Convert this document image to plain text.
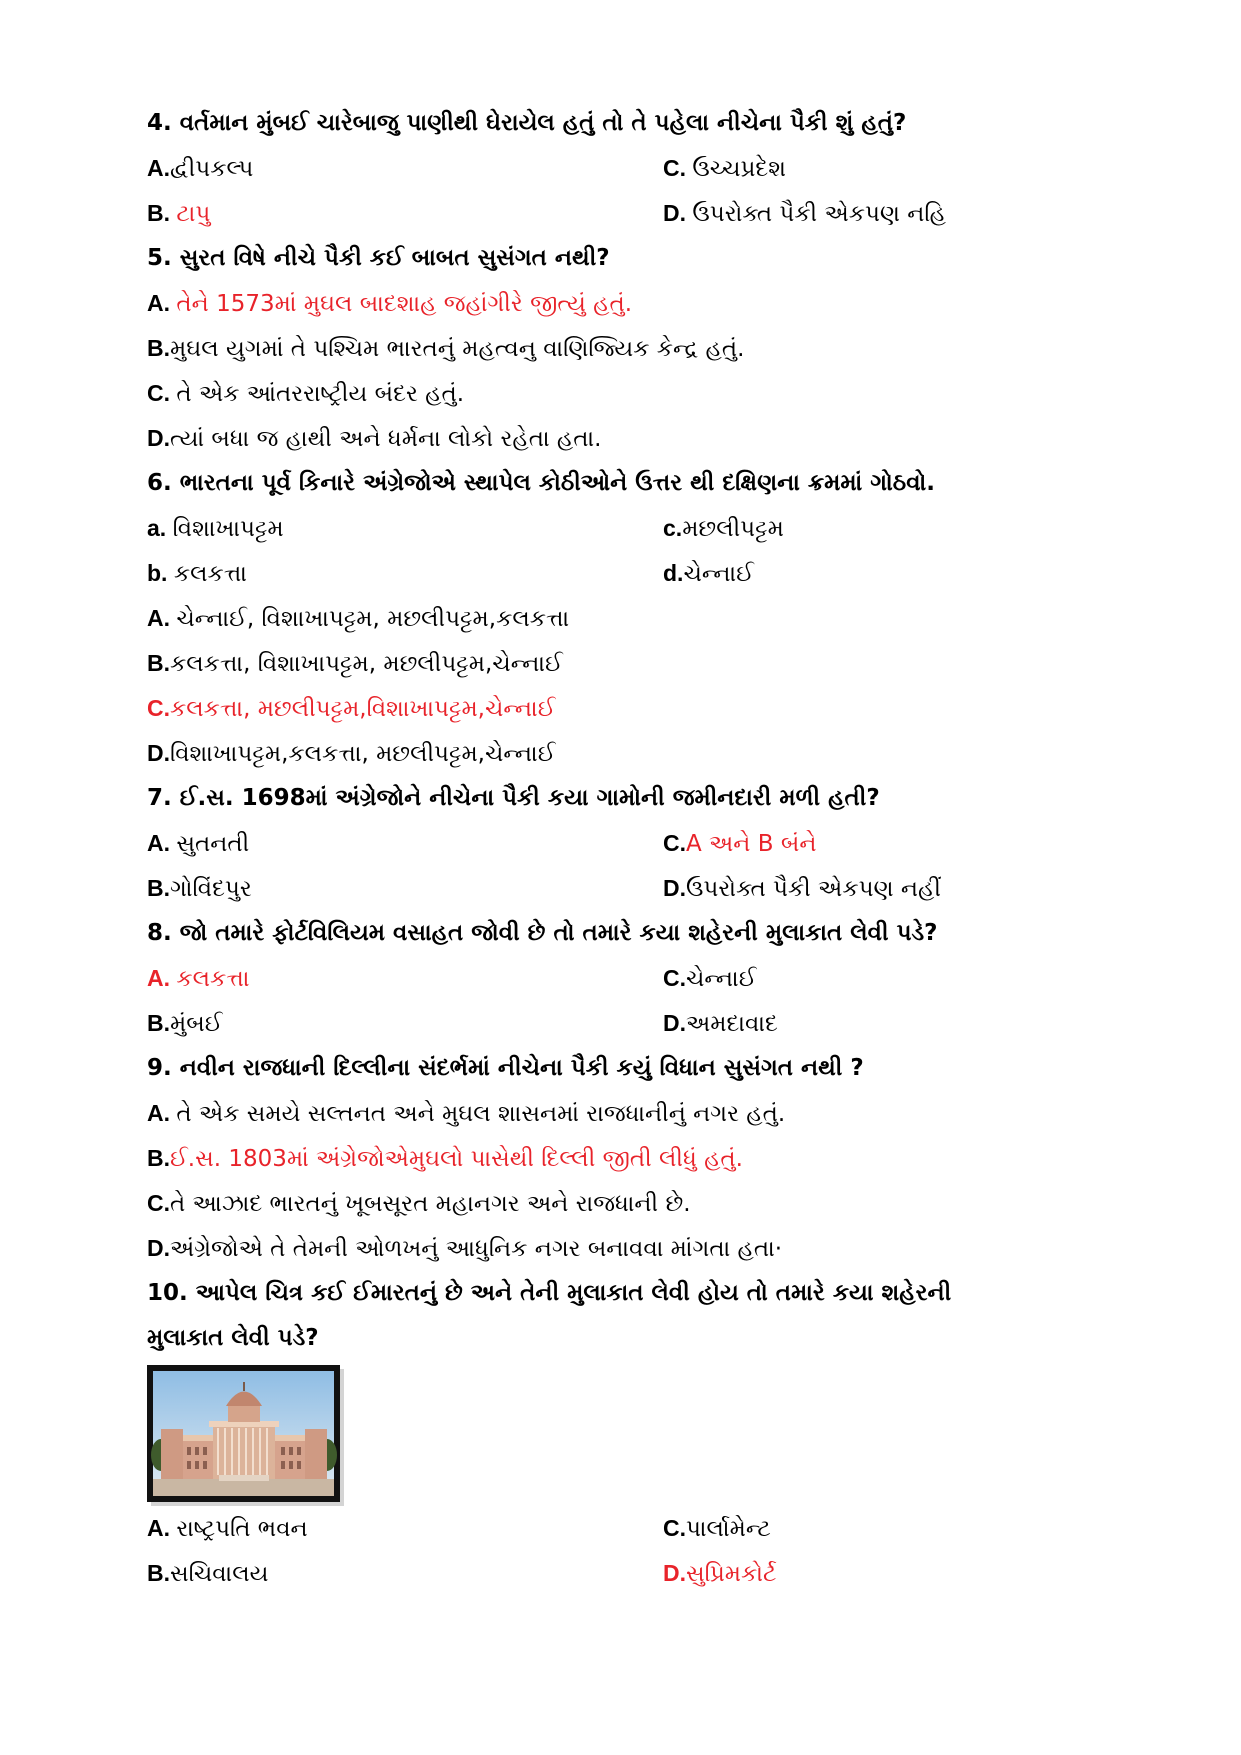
4. વર્તમાન મુંબઈ ચારેબાજુ પાણીથી ઘેરાયેલ હતું તો તે પહેલા નીચેના પૈકી શું હતું?
A.દ્વીપકલ્પ	C. ઉચ્ચપ્રદેશ
B. ટાપુ	D. ઉપરોક્ત પૈકી એકપણ નહિ
5. સુરત વિષે નીચે પૈકી કઈ બાબત સુસંગત નથી?
A. તેને 1573માં મુઘલ બાદશાહ જહાંગીરે જીત્યું હતું.
B.મુઘલ યુગમાં તે પશ્ચિમ ભારતનું મહત્વનુ વાણિજ્યિક કેન્દ્ર હતું.
C. તે એક આંતરરાષ્ટ્રીય બંદર હતું.
D.ત્યાં બધા જ હાથી અને ધર્મના લોકો રહેતા હતા.
6. ભારતના પૂર્વ કિનારે અંગ્રેજોએ સ્થાપેલ કોઠીઓને ઉત્તર થી દક્ષિણના ક્રમમાં ગોઠવો.
a. વિશાખાપટ્ટમ	c.મછલીપટ્ટમ
b. કલકત્તા	d.ચેન્નાઈ
A. ચેન્નાઈ, વિશાખાપટ્ટમ, મછલીપટ્ટમ,કલકત્તા
B.કલકત્તા, વિશાખાપટ્ટમ, મછલીપટ્ટમ,ચેન્નાઈ
C.કલકત્તા, મછલીપટ્ટમ,વિશાખાપટ્ટમ,ચેન્નાઈ
D.વિશાખાપટ્ટમ,કલકત્તા, મછલીપટ્ટમ,ચેન્નાઈ
7. ઈ.સ. 1698માં અંગ્રેજોને નીચેના પૈકી કયા ગામોની જમીનદારી મળી હતી?
A. સુતનતી	C.A અને B બંને
B.ગોવિંદપુર	D.ઉપરોક્ત પૈકી એકપણ નહીં
8. જો તમારે ફોર્ટવિલિયમ વસાહત જોવી છે તો તમારે કયા શહેરની મુલાકાત લેવી પડે?
A. કલકત્તા	C.ચેન્નાઈ
B.મુંબઈ	D.અમદાવાદ
9. નવીન રાજધાની દિલ્લીના સંદર્ભમાં નીચેના પૈકી કયું વિધાન સુસંગત નથી ?
A. તે એક સમયે સલ્તનત અને મુઘલ શાસનમાં રાજધાનીનું નગર હતું.
B.ઈ.સ. 1803માં અંગ્રેજોએમુઘલો પાસેથી દિલ્લી જીતી લીધું હતું.
C.તે આઝાદ ભારતનું ખૂબસૂરત મહાનગર અને રાજધાની છે.
D.અંગ્રેજોએ તે તેમની ઓળખનું આધુનિક નગર બનાવવા માંગતા હતા·
10. આપેલ ચિત્ર કઈ ઈમારતનું છે અને તેની મુલાકાત લેવી હોય તો તમારે કયા શહેરની
મુલાકાત લેવી પડે?
A. રાષ્ટ્રપતિ ભવન	C.પાર્લામેન્ટ
B.સચિવાલય	D.સુપ્રિમકોર્ટ
